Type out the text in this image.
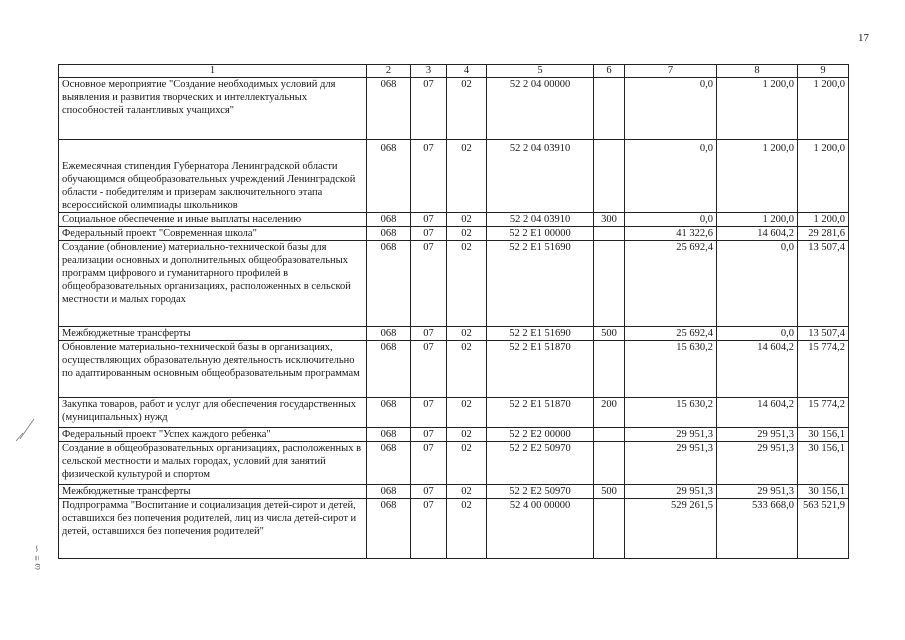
17
ω ≡ ∽
1	2	3	4	5	6	7	8	9
Основное мероприятие "Создание необходимых условий для выявления и развития творческих и интеллектуальных способностей талантливых учащихся"	068	07	02	52 2 04 00000		0,0	1 200,0	1 200,0
Ежемесячная стипендия Губернатора Ленинградской области обучающимся общеобразовательных учреждений Ленинградской области - победителям и призерам заключительного этапа всероссийской олимпиады школьников	068	07	02	52 2 04 03910		0,0	1 200,0	1 200,0
Социальное обеспечение и иные выплаты населению	068	07	02	52 2 04 03910	300	0,0	1 200,0	1 200,0
Федеральный проект "Современная школа"	068	07	02	52 2 E1 00000		41 322,6	14 604,2	29 281,6
Создание (обновление) материально-технической базы для реализации основных и дополнительных общеобразовательных программ цифрового и гуманитарного профилей в общеобразовательных организациях, расположенных в сельской местности и малых городах	068	07	02	52 2 E1 51690		25 692,4	0,0	13 507,4
Межбюджетные трансферты	068	07	02	52 2 E1 51690	500	25 692,4	0,0	13 507,4
Обновление материально-технической базы в организациях, осуществляющих образовательную деятельность исключительно по адаптированным основным общеобразовательным программам	068	07	02	52 2 E1 51870		15 630,2	14 604,2	15 774,2
Закупка товаров, работ и услуг для обеспечения государственных (муниципальных) нужд	068	07	02	52 2 E1 51870	200	15 630,2	14 604,2	15 774,2
Федеральный проект "Успех каждого ребенка"	068	07	02	52 2 E2 00000		29 951,3	29 951,3	30 156,1
Создание в общеобразовательных организациях, расположенных в сельской местности и малых городах, условий для занятий физической культурой и спортом	068	07	02	52 2 E2 50970		29 951,3	29 951,3	30 156,1
Межбюджетные трансферты	068	07	02	52 2 E2 50970	500	29 951,3	29 951,3	30 156,1
Подпрограмма "Воспитание и социализация детей-сирот и детей, оставшихся без попечения родителей, лиц из числа детей-сирот и детей, оставшихся без попечения родителей"	068	07	02	52 4 00 00000		529 261,5	533 668,0	563 521,9
